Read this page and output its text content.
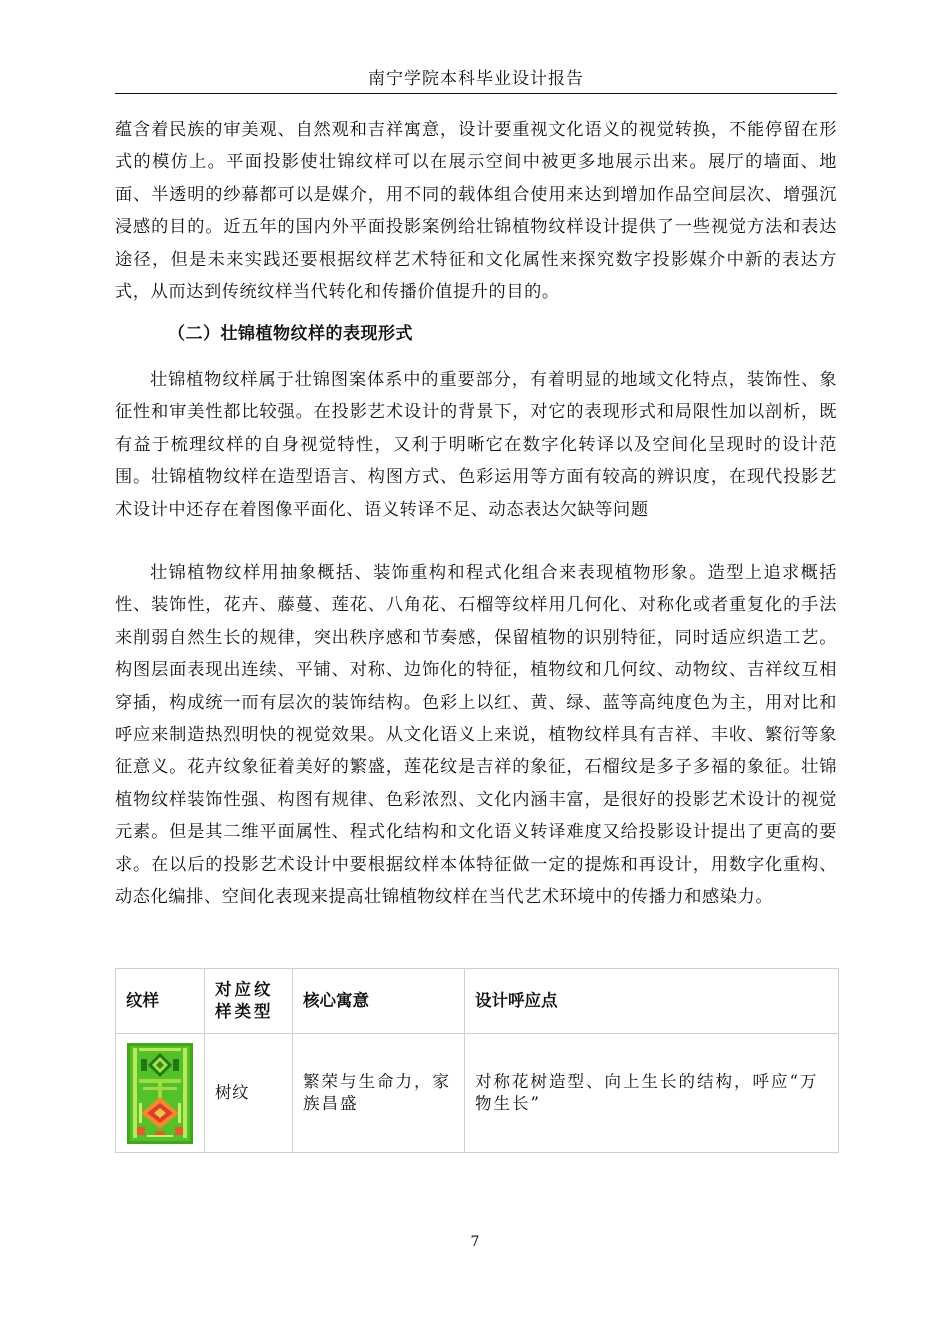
南宁学院本科毕业设计报告

蕴含着民族的审美观、自然观和吉祥寓意，设计要重视文化语义的视觉转换，不能停留在形式的模仿上。平面投影使壮锦纹样可以在展示空间中被更多地展示出来。展厅的墙面、地面、半透明的纱幕都可以是媒介，用不同的载体组合使用来达到增加作品空间层次、增强沉浸感的目的。近五年的国内外平面投影案例给壮锦植物纹样设计提供了一些视觉方法和表达途径，但是未来实践还要根据纹样艺术特征和文化属性来探究数字投影媒介中新的表达方式，从而达到传统纹样当代转化和传播价值提升的目的。

（二）壮锦植物纹样的表现形式

壮锦植物纹样属于壮锦图案体系中的重要部分，有着明显的地域文化特点，装饰性、象征性和审美性都比较强。在投影艺术设计的背景下，对它的表现形式和局限性加以剖析，既有益于梳理纹样的自身视觉特性，又利于明晰它在数字化转译以及空间化呈现时的设计范围。壮锦植物纹样在造型语言、构图方式、色彩运用等方面有较高的辨识度，在现代投影艺术设计中还存在着图像平面化、语义转译不足、动态表达欠缺等问题

壮锦植物纹样用抽象概括、装饰重构和程式化组合来表现植物形象。造型上追求概括性、装饰性，花卉、藤蔓、莲花、八角花、石榴等纹样用几何化、对称化或者重复化的手法来削弱自然生长的规律，突出秩序感和节奏感，保留植物的识别特征，同时适应织造工艺。构图层面表现出连续、平铺、对称、边饰化的特征，植物纹和几何纹、动物纹、吉祥纹互相穿插，构成统一而有层次的装饰结构。色彩上以红、黄、绿、蓝等高纯度色为主，用对比和呼应来制造热烈明快的视觉效果。从文化语义上来说，植物纹样具有吉祥、丰收、繁衍等象征意义。花卉纹象征着美好的繁盛，莲花纹是吉祥的象征，石榴纹是多子多福的象征。壮锦植物纹样装饰性强、构图有规律、色彩浓烈、文化内涵丰富，是很好的投影艺术设计的视觉元素。但是其二维平面属性、程式化结构和文化语义转译难度又给投影设计提出了更高的要求。在以后的投影艺术设计中要根据纹样本体特征做一定的提炼和再设计，用数字化重构、动态化编排、空间化表现来提高壮锦植物纹样在当代艺术环境中的传播力和感染力。

纹样	对应纹样类型	核心寓意	设计呼应点

	树纹	繁荣与生命力，家族昌盛	对称花树造型、向上生长的结构，呼应“万物生长”
7
